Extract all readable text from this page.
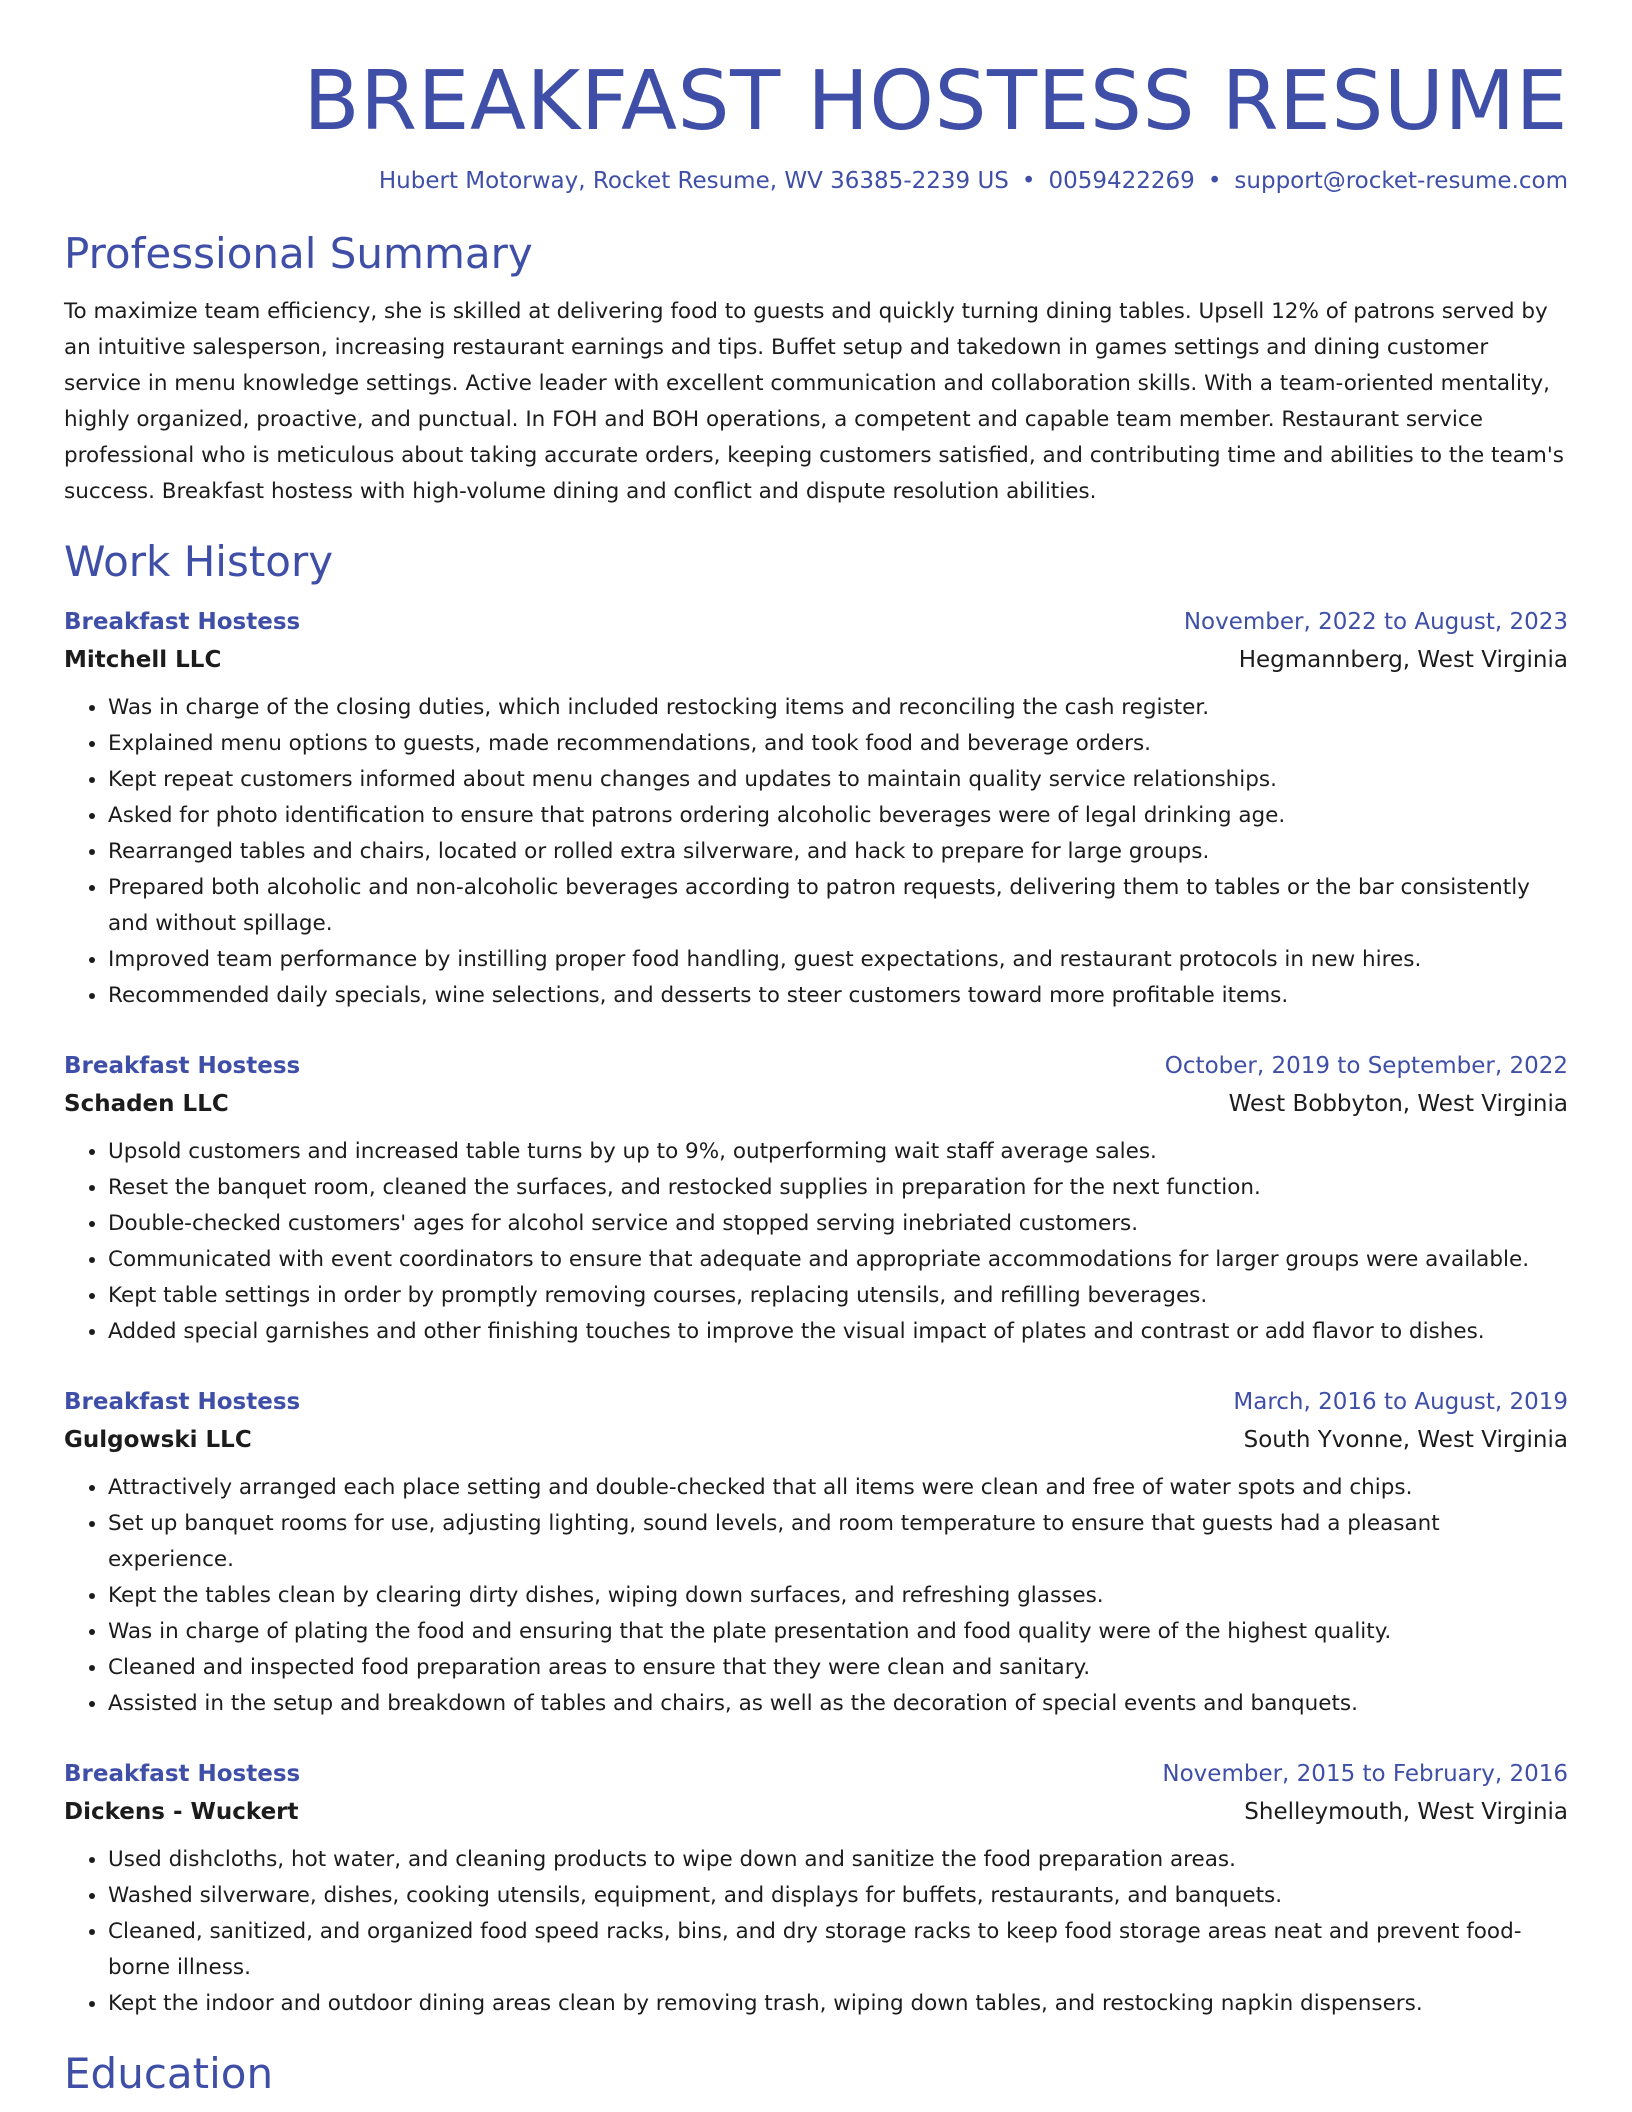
BREAKFAST HOSTESS RESUME
Hubert Motorway, Rocket Resume, WV 36385-2239 US • 0059422269 • support@rocket-resume.com
Professional Summary

To maximize team efficiency, she is skilled at delivering food to guests and quickly turning dining tables. Upsell 12% of patrons served by an intuitive salesperson, increasing restaurant earnings and tips. Buffet setup and takedown in games settings and dining customer service in menu knowledge settings. Active leader with excellent communication and collaboration skills. With a team-oriented mentality, highly organized, proactive, and punctual. In FOH and BOH operations, a competent and capable team member. Restaurant service professional who is meticulous about taking accurate orders, keeping customers satisfied, and contributing time and abilities to the team's success. Breakfast hostess with high-volume dining and conflict and dispute resolution abilities.

Work History
Breakfast Hostess	November, 2022 to August, 2023
Mitchell LLC	Hegmannberg, West Virginia
• Was in charge of the closing duties, which included restocking items and reconciling the cash register.
• Explained menu options to guests, made recommendations, and took food and beverage orders.
• Kept repeat customers informed about menu changes and updates to maintain quality service relationships.
• Asked for photo identification to ensure that patrons ordering alcoholic beverages were of legal drinking age.
• Rearranged tables and chairs, located or rolled extra silverware, and hack to prepare for large groups.
• Prepared both alcoholic and non-alcoholic beverages according to patron requests, delivering them to tables or the bar consistently and without spillage.
• Improved team performance by instilling proper food handling, guest expectations, and restaurant protocols in new hires.
• Recommended daily specials, wine selections, and desserts to steer customers toward more profitable items.
Breakfast Hostess	October, 2019 to September, 2022
Schaden LLC	West Bobbyton, West Virginia
• Upsold customers and increased table turns by up to 9%, outperforming wait staff average sales.
• Reset the banquet room, cleaned the surfaces, and restocked supplies in preparation for the next function.
• Double-checked customers' ages for alcohol service and stopped serving inebriated customers.
• Communicated with event coordinators to ensure that adequate and appropriate accommodations for larger groups were available.
• Kept table settings in order by promptly removing courses, replacing utensils, and refilling beverages.
• Added special garnishes and other finishing touches to improve the visual impact of plates and contrast or add flavor to dishes.
Breakfast Hostess	March, 2016 to August, 2019
Gulgowski LLC	South Yvonne, West Virginia
• Attractively arranged each place setting and double-checked that all items were clean and free of water spots and chips.
• Set up banquet rooms for use, adjusting lighting, sound levels, and room temperature to ensure that guests had a pleasant experience.
• Kept the tables clean by clearing dirty dishes, wiping down surfaces, and refreshing glasses.
• Was in charge of plating the food and ensuring that the plate presentation and food quality were of the highest quality.
• Cleaned and inspected food preparation areas to ensure that they were clean and sanitary.
• Assisted in the setup and breakdown of tables and chairs, as well as the decoration of special events and banquets.
Breakfast Hostess	November, 2015 to February, 2016
Dickens - Wuckert	Shelleymouth, West Virginia
• Used dishcloths, hot water, and cleaning products to wipe down and sanitize the food preparation areas.
• Washed silverware, dishes, cooking utensils, equipment, and displays for buffets, restaurants, and banquets.
• Cleaned, sanitized, and organized food speed racks, bins, and dry storage racks to keep food storage areas neat and prevent food-borne illness.
• Kept the indoor and outdoor dining areas clean by removing trash, wiping down tables, and restocking napkin dispensers.
Education
